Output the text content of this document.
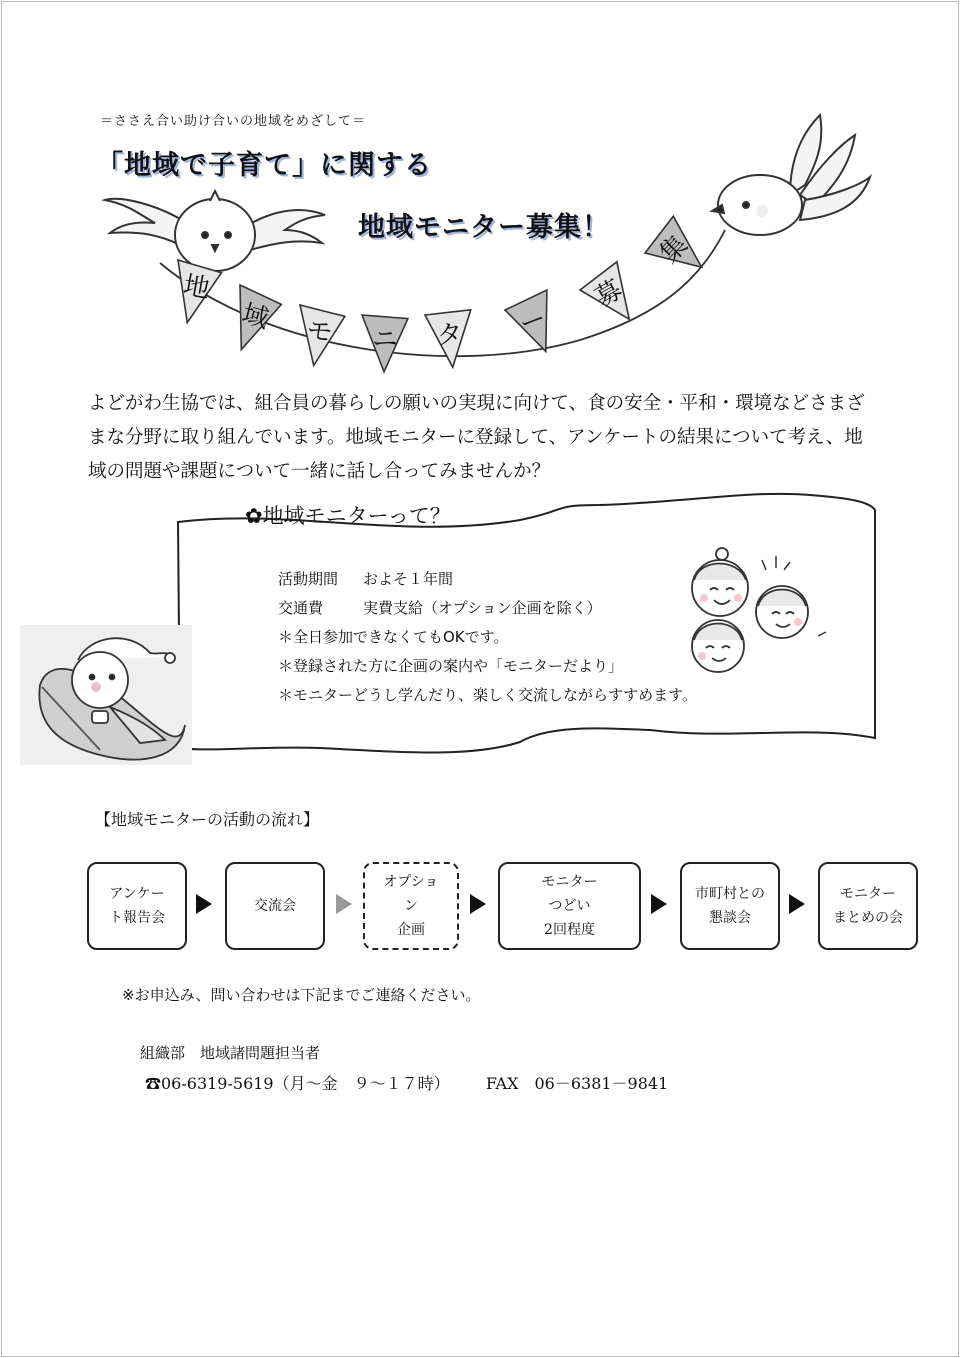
＝ささえ合い助け合いの地域をめざして＝
「地域で子育て」に関する
地域モニター募集！
地
域 モ ニ タ ー
募
集

よどがわ生協では、組合員の暮らしの願いの実現に向けて、食の安全・平和・環境などさまざ

まな分野に取り組んでいます。地域モニターに登録して、アンケートの結果について考え、地

域の問題や課題について一緒に話し合ってみませんか？

✿地域モニターって？
活動期間 およそ１年間
交通費	実費支給（オプション企画を除く）
＊全日参加できなくてもOKです。
＊登録された方に企画の案内や「モニターだより」
＊モニターどうし学んだり、楽しく交流しながらすすめます。
【地域モニターの活動の流れ】
アンケー
ト報告会
交流会
オプショ
ン
企画
モニター
つどい
2回程度
市町村との
懇談会
モニター
まとめの会
※お申込み、問い合わせは下記までご連絡ください。
組織部　地域諸問題担当者
☎06-6319-5619（月～金　９～１７時） FAX　06－6381－9841
